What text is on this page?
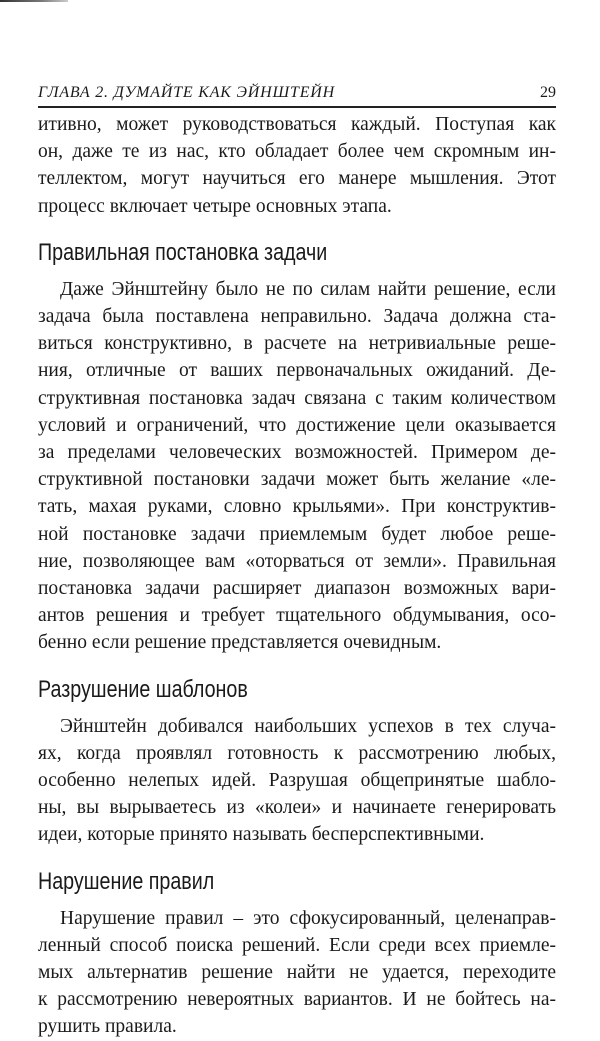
ГЛАВА 2. ДУМАЙТЕ КАК ЭЙНШТЕЙН	29

итивно, может руководствоваться каждый. Поступая как
он, даже те из нас, кто обладает более чем скромным ин-
теллектом, могут научиться его манере мышления. Этот
процесс включает четыре основных этапа.

Правильная постановка задачи

Даже Эйнштейну было не по силам найти решение, если
задача была поставлена неправильно. Задача должна ста-
виться конструктивно, в расчете на нетривиальные реше-
ния, отличные от ваших первоначальных ожиданий. Де-
структивная постановка задач связана с таким количеством
условий и ограничений, что достижение цели оказывается
за пределами человеческих возможностей. Примером де-
структивной постановки задачи может быть желание «ле-
тать, махая руками, словно крыльями». При конструктив-
ной постановке задачи приемлемым будет любое реше-
ние, позволяющее вам «оторваться от земли». Правильная
постановка задачи расширяет диапазон возможных вари-
антов решения и требует тщательного обдумывания, осо-
бенно если решение представляется очевидным.

Разрушение шаблонов

Эйнштейн добивался наибольших успехов в тех случа-
ях, когда проявлял готовность к рассмотрению любых,
особенно нелепых идей. Разрушая общепринятые шабло-
ны, вы вырываетесь из «колеи» и начинаете генерировать
идеи, которые принято называть бесперспективными.

Нарушение правил

Нарушение правил – это сфокусированный, целенаправ-
ленный способ поиска решений. Если среди всех приемле-
мых альтернатив решение найти не удается, переходите
к рассмотрению невероятных вариантов. И не бойтесь на-
рушить правила.
